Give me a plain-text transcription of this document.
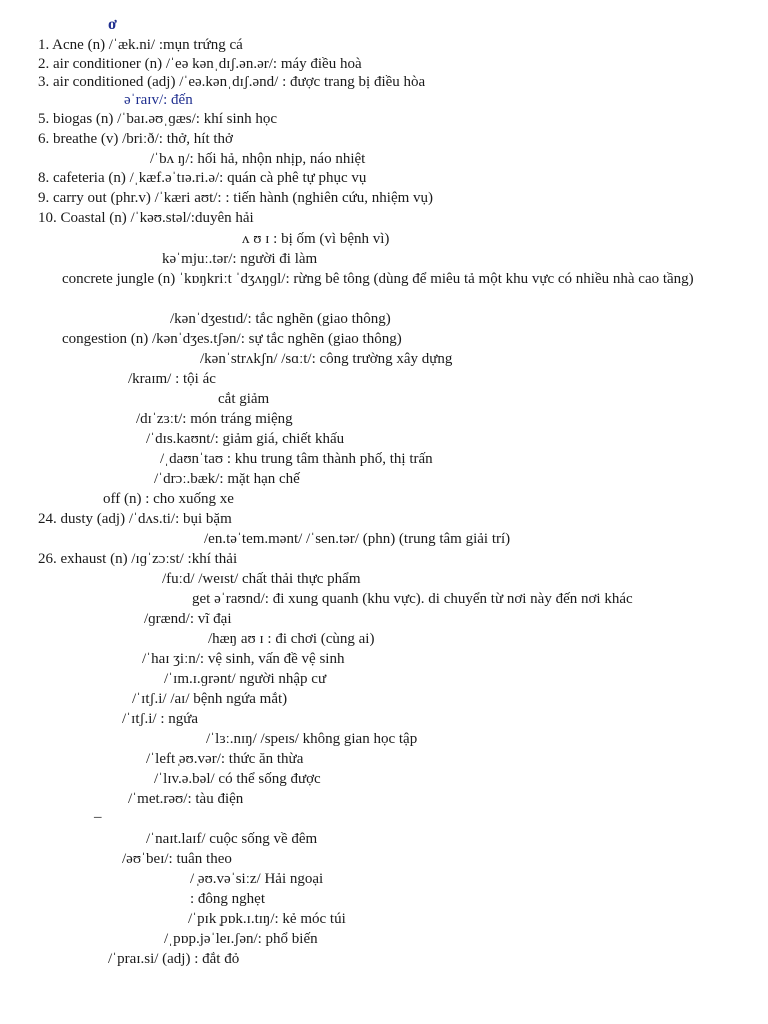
ơ
1. Acne (n) /ˈæk.ni/ :mụn trứng cá
2. air conditioner (n) /ˈeə kənˌdɪʃ.ən.ər/: máy điều hoà
3. air conditioned (adj) /ˈeə.kənˌdɪʃ.ənd/ : được trang bị điều hòa
əˈraɪv/: đến
5. biogas (n) /ˈbaɪ.əʊˌɡæs/: khí sinh học
6. breathe (v) /briːð/: thở, hít thở
/ˈbʌ ŋ/: hối hả, nhộn nhịp, náo nhiệt
8. cafeteria (n) /ˌkæf.əˈtɪə.ri.ə/: quán cà phê tự phục vụ
9. carry out (phr.v) /ˈkæri aʊt/: : tiến hành (nghiên cứu, nhiệm vụ)
10. Coastal (n) /ˈkəʊ.stəl/:duyên hải
ʌ ʊ ɪ : bị ốm (vì bệnh vì)
kəˈmjuː.tər/: người đi làm
concrete jungle (n) ˈkɒŋkriːt ˈdʒʌŋɡl/: rừng bê tông (dùng để miêu tả một khu vực có nhiều nhà cao tầng)
/kənˈdʒestɪd/: tắc nghẽn (giao thông)
congestion (n) /kənˈdʒes.tʃən/: sự tắc nghẽn (giao thông)
/kənˈstrʌkʃn/ /sɑːt/: công trường xây dựng
/kraɪm/ : tội ác
cắt giảm
/dɪˈzɜːt/: món tráng miệng
/ˈdɪs.kaʊnt/: giảm giá, chiết khấu
/ˌdaʊnˈtaʊ : khu trung tâm thành phố, thị trấn
/ˈdrɔː.bæk/: mặt hạn chế
off (n) : cho xuống xe
24. dusty (adj) /ˈdʌs.ti/: bụi bặm
/en.təˈtem.mənt/ /ˈsen.tər/ (phn) (trung tâm giải trí)
26. exhaust (n) /ɪɡˈzɔːst/ :khí thải
/fuːd/ /weɪst/ chất thải thực phẩm
get əˈraʊnd/: đi xung quanh (khu vực). di chuyển từ nơi này đến nơi khác
/ɡrænd/: vĩ đại
/hæŋ aʊ ɪ : đi chơi (cùng ai)
/ˈhaɪ ʒiːn/: vệ sinh, vấn đề vệ sinh
/ˈɪm.ɪ.ɡrənt/ người nhập cư
/ˈɪtʃ.i/ /aɪ/ bệnh ngứa mắt)
/ˈɪtʃ.i/ : ngứa
/ˈlɜː.nɪŋ/ /speɪs/ không gian học tập
/ˈleft ̩əʊ.vər/: thức ăn thừa
/ˈlɪv.ə.bəl/ có thể sống được
/ˈmet.rəʊ/: tàu điện
–
/ˈnaɪt.laɪf/ cuộc sống về đêm
/əʊˈbeɪ/: tuân theo
/ ̩əʊ.vəˈsiːz/ Hải ngoại
: đông nghẹt
/ˈpɪk ̩pɒk.ɪ.tɪŋ/: kẻ móc túi
/ˌpɒp.jəˈleɪ.ʃən/: phổ biến
/ˈpraɪ.si/ (adj) : đắt đỏ
